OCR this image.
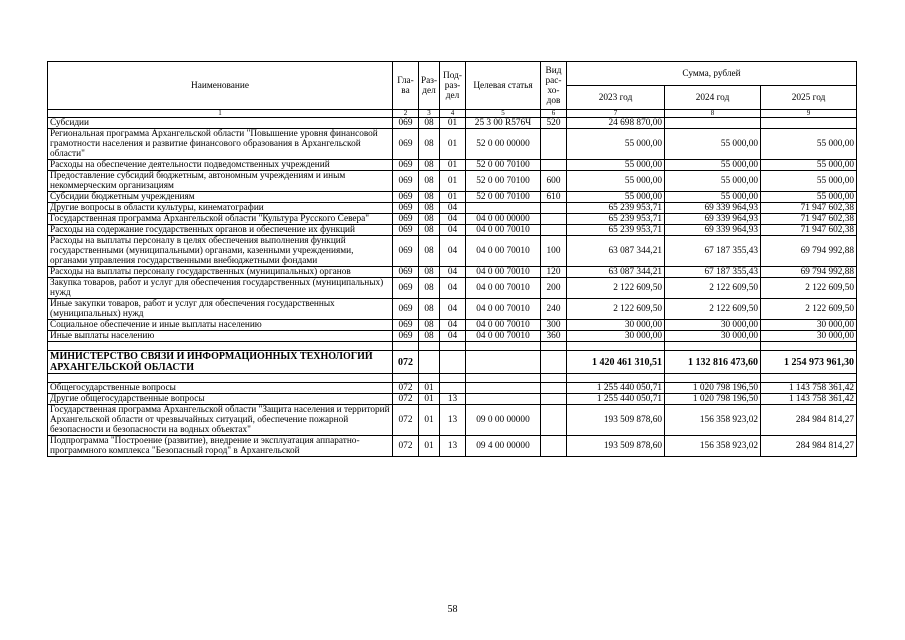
Наименование	Гла-ва	Раз-дел	Под-раз-дел	Целевая статья	Вид рас-хо-дов	Сумма, рублей		
						2023 год	2024 год	2025 год
1	2	3	4	5	6	7	8	9
Субсидии	069	08	01	25 3 00 R576Ч	520	24 698 870,00		
Региональная программа Архангельской области "Повышение уровня финансовой грамотности населения и развитие финансового образования в Архангельской области"	069	08	01	52 0 00 00000		55 000,00	55 000,00	55 000,00
Расходы на обеспечение деятельности подведомственных учреждений	069	08	01	52 0 00 70100		55 000,00	55 000,00	55 000,00
Предоставление субсидий бюджетным, автономным учреждениям и иным некоммерческим организациям	069	08	01	52 0 00 70100	600	55 000,00	55 000,00	55 000,00
Субсидии бюджетным учреждениям	069	08	01	52 0 00 70100	610	55 000,00	55 000,00	55 000,00
Другие вопросы в области культуры, кинематографии	069	08	04			65 239 953,71	69 339 964,93	71 947 602,38
Государственная программа Архангельской области "Культура Русского Севера"	069	08	04	04 0 00 00000		65 239 953,71	69 339 964,93	71 947 602,38
Расходы на содержание государственных органов и обеспечение их функций	069	08	04	04 0 00 70010		65 239 953,71	69 339 964,93	71 947 602,38
Расходы на выплаты персоналу в целях обеспечения выполнения функций государственными (муниципальными) органами, казенными учреждениями, органами управления государственными внебюджетными фондами	069	08	04	04 0 00 70010	100	63 087 344,21	67 187 355,43	69 794 992,88
Расходы на выплаты персоналу государственных (муниципальных) органов	069	08	04	04 0 00 70010	120	63 087 344,21	67 187 355,43	69 794 992,88
Закупка товаров, работ и услуг для обеспечения государственных (муниципальных) нужд	069	08	04	04 0 00 70010	200	2 122 609,50	2 122 609,50	2 122 609,50
Иные закупки товаров, работ и услуг для обеспечения государственных (муниципальных) нужд	069	08	04	04 0 00 70010	240	2 122 609,50	2 122 609,50	2 122 609,50
Социальное обеспечение и иные выплаты населению	069	08	04	04 0 00 70010	300	30 000,00	30 000,00	30 000,00
Иные выплаты населению	069	08	04	04 0 00 70010	360	30 000,00	30 000,00	30 000,00

МИНИСТЕРСТВО СВЯЗИ И ИНФОРМАЦИОННЫХ ТЕХНОЛОГИЙ АРХАНГЕЛЬСКОЙ ОБЛАСТИ	072					1 420 461 310,51	1 132 816 473,60	1 254 973 961,30

Общегосударственные вопросы	072	01				1 255 440 050,71	1 020 798 196,50	1 143 758 361,42
Другие общегосударственные вопросы	072	01	13			1 255 440 050,71	1 020 798 196,50	1 143 758 361,42
Государственная программа Архангельской области "Защита населения и территорий Архангельской области от чрезвычайных ситуаций, обеспечение пожарной безопасности и безопасности на водных объектах"	072	01	13	09 0 00 00000		193 509 878,60	156 358 923,02	284 984 814,27
Подпрограмма "Построение (развитие), внедрение и эксплуатация аппаратно-программного комплекса "Безопасный город" в Архангельской	072	01	13	09 4 00 00000		193 509 878,60	156 358 923,02	284 984 814,27
58
